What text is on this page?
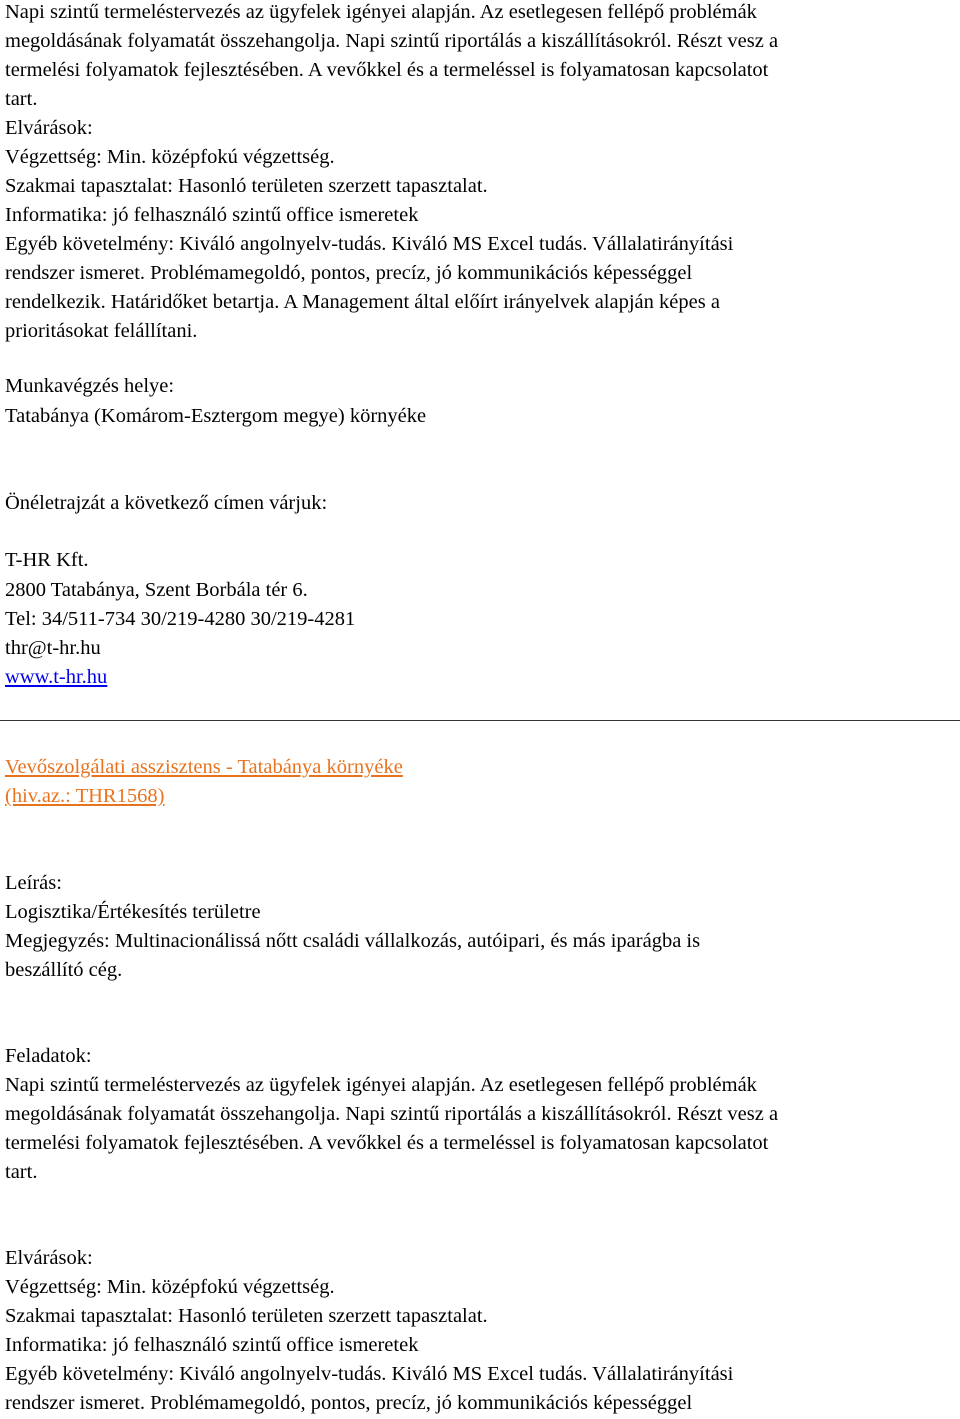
Napi szintű termeléstervezés az ügyfelek igényei alapján. Az esetlegesen fellépő problémák
megoldásának folyamatát összehangolja. Napi szintű riportálás a kiszállításokról. Részt vesz a
termelési folyamatok fejlesztésében. A vevőkkel és a termeléssel is folyamatosan kapcsolatot
tart.
Elvárások:
Végzettség: Min. középfokú végzettség.
Szakmai tapasztalat: Hasonló területen szerzett tapasztalat.
Informatika: jó felhasználó szintű office ismeretek
Egyéb követelmény: Kiváló angolnyelv-tudás. Kiváló MS Excel tudás. Vállalatirányítási
rendszer ismeret. Problémamegoldó, pontos, precíz, jó kommunikációs képességgel
rendelkezik. Határidőket betartja. A Management által előírt irányelvek alapján képes a
prioritásokat felállítani.
Munkavégzés helye:
Tatabánya (Komárom-Esztergom megye) környéke
Önéletrajzát a következő címen várjuk:
T-HR Kft.
2800 Tatabánya, Szent Borbála tér 6.
Tel: 34/511-734 30/219-4280 30/219-4281
thr@t-hr.hu
www.t-hr.hu
Vevőszolgálati asszisztens - Tatabánya környéke
(hiv.az.: THR1568)
Leírás:
Logisztika/Értékesítés területre
Megjegyzés: Multinacionálissá nőtt családi vállalkozás, autóipari, és más iparágba is
beszállító cég.
Feladatok:
Napi szintű termeléstervezés az ügyfelek igényei alapján. Az esetlegesen fellépő problémák
megoldásának folyamatát összehangolja. Napi szintű riportálás a kiszállításokról. Részt vesz a
termelési folyamatok fejlesztésében. A vevőkkel és a termeléssel is folyamatosan kapcsolatot
tart.
Elvárások:
Végzettség: Min. középfokú végzettség.
Szakmai tapasztalat: Hasonló területen szerzett tapasztalat.
Informatika: jó felhasználó szintű office ismeretek
Egyéb követelmény: Kiváló angolnyelv-tudás. Kiváló MS Excel tudás. Vállalatirányítási
rendszer ismeret. Problémamegoldó, pontos, precíz, jó kommunikációs képességgel
